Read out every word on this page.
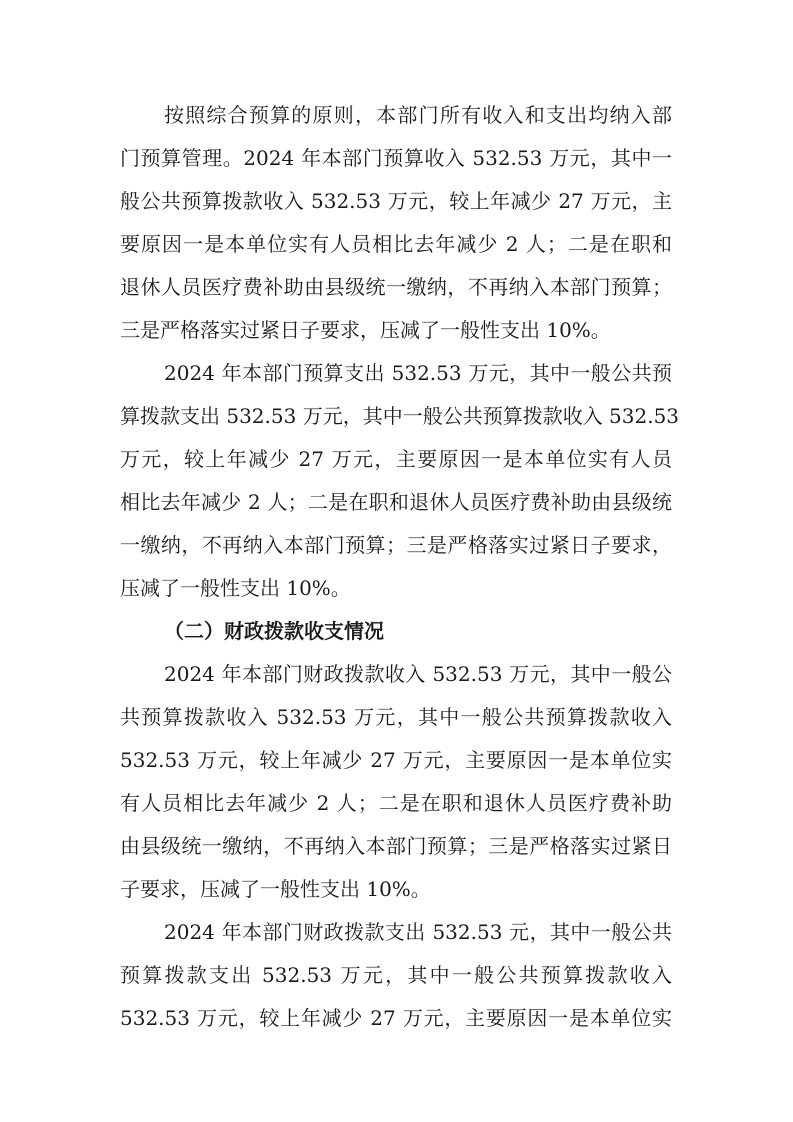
按照综合预算的原则，本部门所有收入和支出均纳入部
门预算管理。2024 年本部门预算收入 532.53 万元，其中一
般公共预算拨款收入 532.53 万元，较上年减少 27 万元，主
要原因一是本单位实有人员相比去年减少 2 人；二是在职和
退休人员医疗费补助由县级统一缴纳，不再纳入本部门预算；
三是严格落实过紧日子要求，压减了一般性支出 10%。
2024 年本部门预算支出 532.53 万元，其中一般公共预
算拨款支出 532.53 万元，其中一般公共预算拨款收入 532.53
万元，较上年减少 27 万元，主要原因一是本单位实有人员
相比去年减少 2 人；二是在职和退休人员医疗费补助由县级统
一缴纳，不再纳入本部门预算；三是严格落实过紧日子要求，
压减了一般性支出 10%。
（二）财政拨款收支情况
2024 年本部门财政拨款收入 532.53 万元，其中一般公
共预算拨款收入 532.53 万元，其中一般公共预算拨款收入
532.53 万元，较上年减少 27 万元，主要原因一是本单位实
有人员相比去年减少 2 人；二是在职和退休人员医疗费补助
由县级统一缴纳，不再纳入本部门预算；三是严格落实过紧日
子要求，压减了一般性支出 10%。
2024 年本部门财政拨款支出 532.53 元，其中一般公共
预算拨款支出 532.53 万元，其中一般公共预算拨款收入
532.53 万元，较上年减少 27 万元，主要原因一是本单位实
